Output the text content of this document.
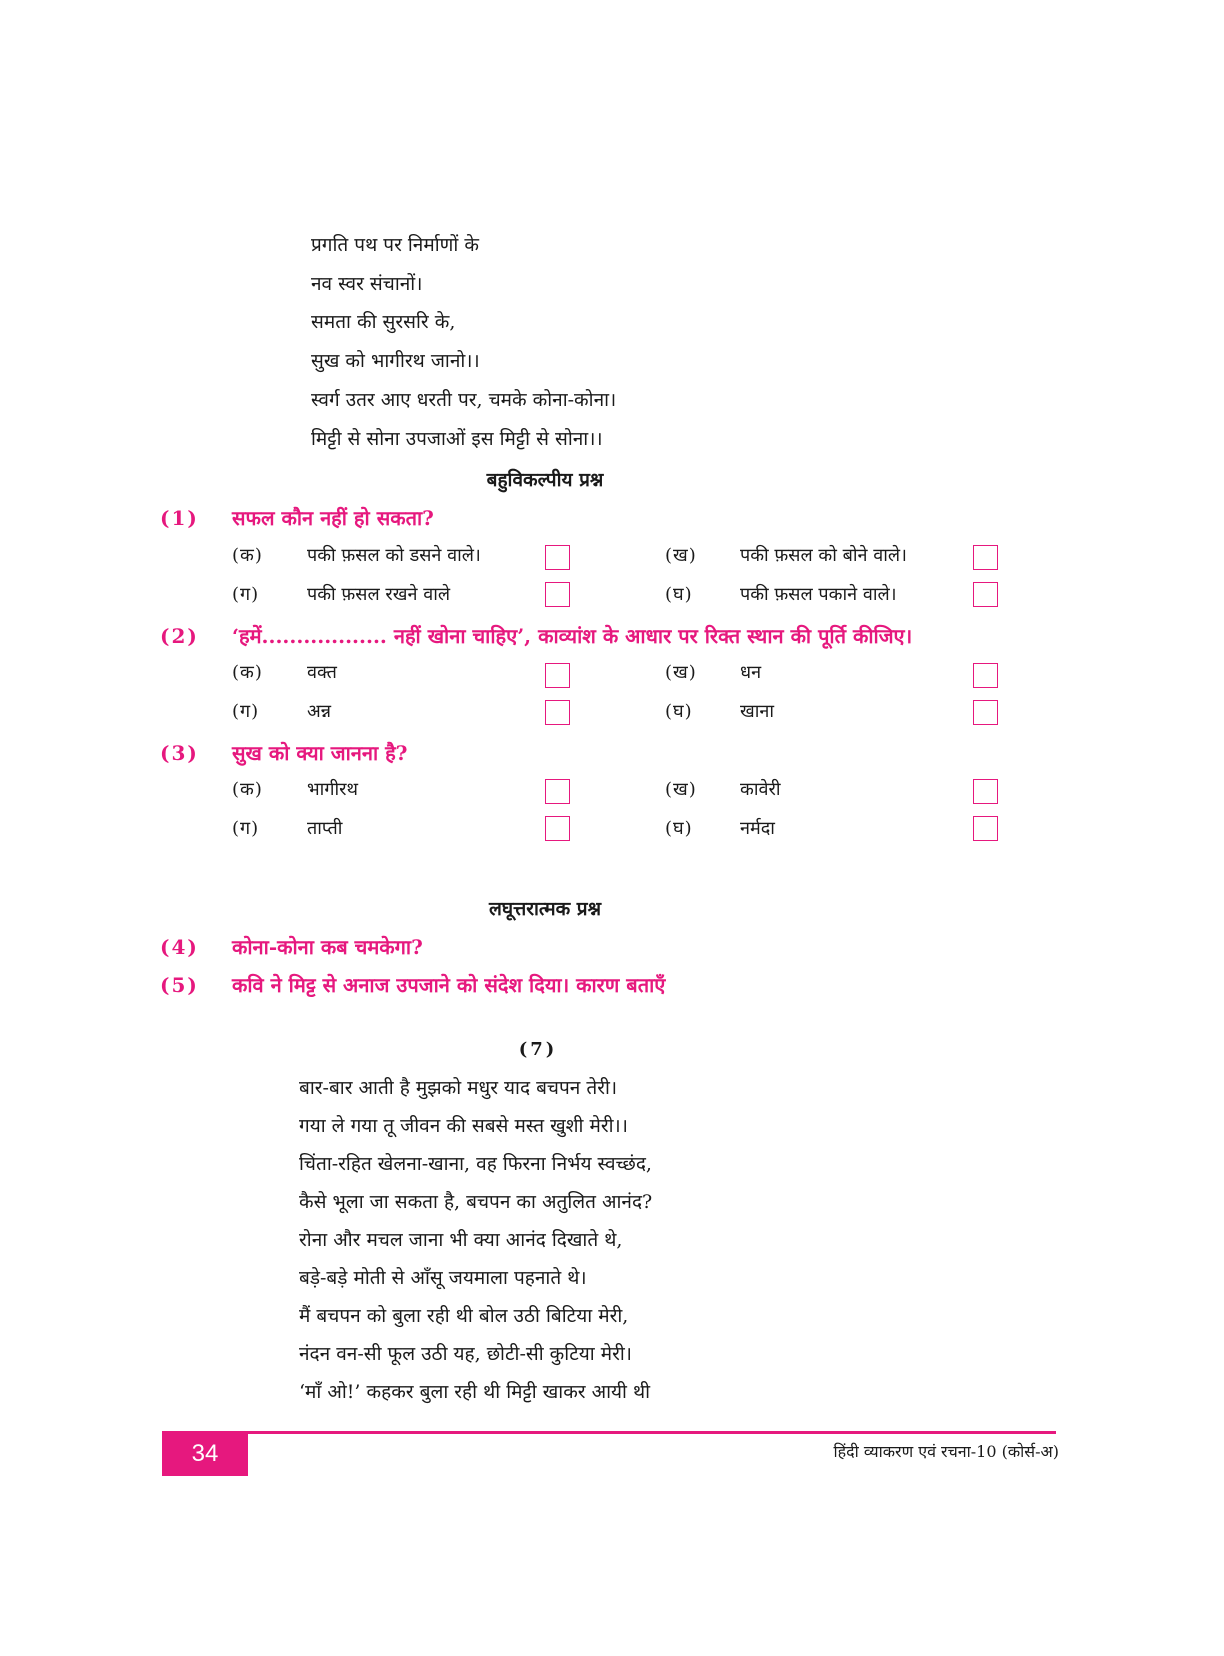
प्रगति पथ पर निर्माणों के
नव स्वर संचानों।
समता की सुरसरि के,
सुख को भागीरथ जानो।।
स्वर्ग उतर आए धरती पर, चमके कोना-कोना।
मिट्टी से सोना उपजाओं इस मिट्टी से सोना।।
बहुविकल्पीय प्रश्न
(1)	सफल कौन नहीं हो सकता?
(क)	पकी फ़सल को डसने वाले।	(ख)	पकी फ़सल को बोने वाले।
(ग)	पकी फ़सल रखने वाले	(घ)	पकी फ़सल पकाने वाले।
(2)	‘हमें.................. नहीं खोना चाहिए’, काव्यांश के आधार पर रिक्त स्थान की पूर्ति कीजिए।
(क)	वक्त	(ख)	धन
(ग)	अन्न	(घ)	खाना
(3)	सुख को क्या जानना है?
(क)	भागीरथ	(ख)	कावेरी
(ग)	ताप्ती	(घ)	नर्मदा
लघूत्तरात्मक प्रश्न
(4)	कोना-कोना कब चमकेगा?
(5)	कवि ने मिट्ट से अनाज उपजाने को संदेश दिया। कारण बताएँ
(7)
बार-बार आती है मुझको मधुर याद बचपन तेरी।
गया ले गया तू जीवन की सबसे मस्त खुशी मेरी।।
चिंता-रहित खेलना-खाना, वह फिरना निर्भय स्वच्छंद,
कैसे भूला जा सकता है, बचपन का अतुलित आनंद?
रोना और मचल जाना भी क्या आनंद दिखाते थे,
बड़े-बड़े मोती से आँसू जयमाला पहनाते थे।
मैं बचपन को बुला रही थी बोल उठी बिटिया मेरी,
नंदन वन-सी फूल उठी यह, छोटी-सी कुटिया मेरी।
‘माँ ओ!’ कहकर बुला रही थी मिट्टी खाकर आयी थी
34	हिंदी व्याकरण एवं रचना-10 (कोर्स-अ)
